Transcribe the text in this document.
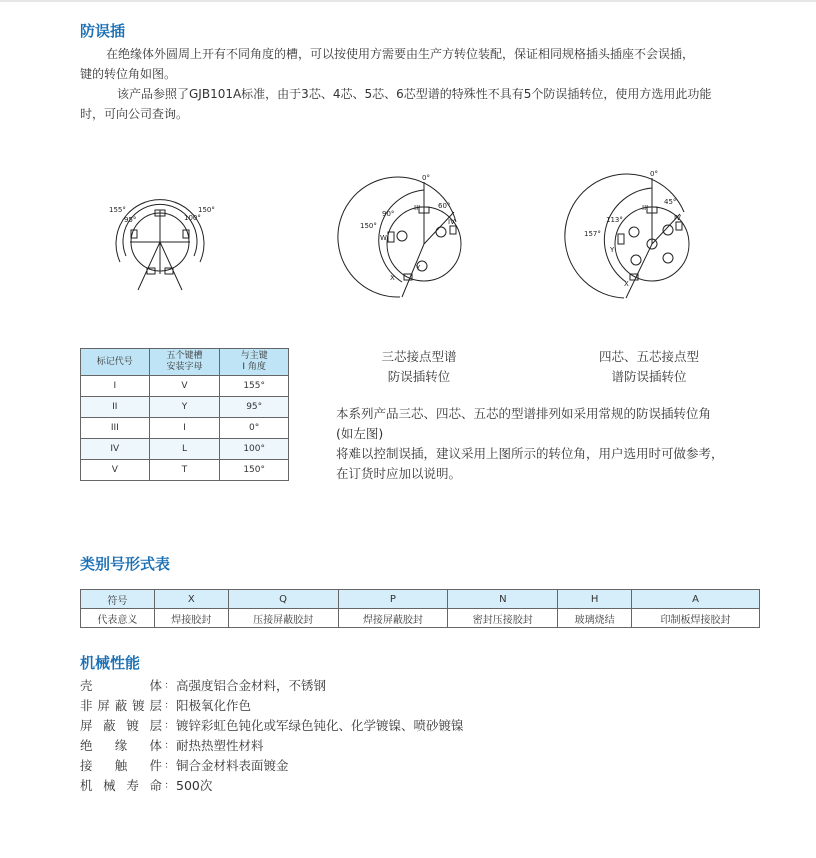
防误插
在绝缘体外圆周上开有不同角度的槽，可以按使用方需要由生产方转位装配，保证相同规格插头插座不会误插，
键的转位角如图。
该产品参照了GJB101A标准，由于3芯、4芯、5芯、6芯型谱的特殊性不具有5个防误插转位，使用方选用此功能
时，可向公司查询。
155°	150°
95°	100°
0°
60°
90°
150°
III
IV
W
Y
X
0°
45°
113°
157°
III
IV
Y
X
标记代号	五个键槽
安装字母	与主键
I 角度
I	V	155°
II	Y	95°
III	I	0°
IV	L	100°
V	T	150°
三芯接点型谱
防误插转位
四芯、五芯接点型
谱防误插转位
本系列产品三芯、四芯、五芯的型谱排列如采用常规的防误插转位角
(如左图)
将难以控制误插，建议采用上图所示的转位角，用户选用时可做参考，
在订货时应加以说明。
类别号形式表
符号	X	Q	P	N	H	A
代表意义	焊接胶封	压接屏蔽胶封	焊接屏蔽胶封	密封压接胶封	玻璃烧结	印制板焊接胶封
机械性能
壳体 ： 高强度铝合金材料，不锈钢
非屏蔽镀层 ： 阳极氧化作色
屏蔽镀层 ： 镀锌彩虹色钝化或军绿色钝化、化学镀镍、喷砂镀镍
绝缘体 ： 耐热热塑性材料
接触件 ： 铜合金材料表面镀金
机械寿命 ： 500次
